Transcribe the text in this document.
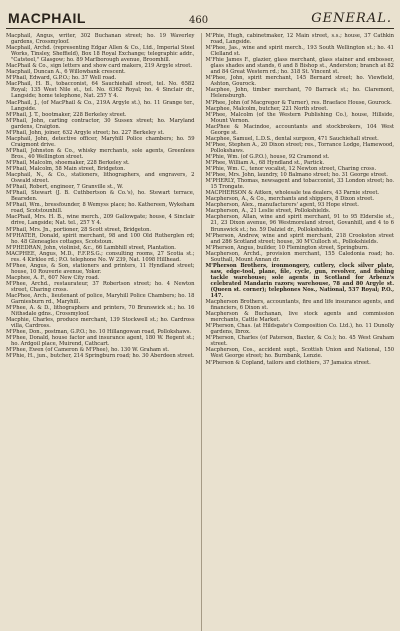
MACPHAIL	460	GENERAL.

Macphail, Angus, writer, 302 Buchanan street; ho. 19 Waverley gardens, Crossmyloof.

Macphail, Archd. (representing Edgar Allen & Co., Ltd., Imperial Steel Works, Tinsley, Sheffield), Box 18 Royal Exchange; telegraphic addr., "Catsteel," Glasgow; ho. 89 Marlborough avenue, Broomhill.

MacPhail & Co., sign letters and show card makers, 219 Argyle street.

Macphail, Duncan A., 6 Willowbank crescent.

M'Phail, Edward, G.P.O.; ho. 37 Well road.

MacPhail, H. B., tobacconist, 64 Sauchiehall street, tel. No. 6582 Royal; 135 West Nile st., tel. No. 6362 Royal; ho. 4 Sinclair dr., Langside; home telephone, Nat. 257 Y 4.

MacPhail, J., (of MacPhail & Co., 219A Argyle st.), ho. 11 Grange ter., Langside.

M'Phail, J. T., bootmaker, 228 Berkeley street.

M'Phail, John, carting contractor, 30 Sussex street; ho. Maryland gardens, Craigton.

M'Phail, John, joiner, 632 Argyle street; ho. 227 Berkeley st.

Macphail, John, detective officer, Maryhill Police chambers; ho. 59 Craigmont drive.

M'Phail, Johnston & Co., whisky merchants, sole agents, Greenlees Bros., 40 Wellington street.

M'Phail, Malcolm, shoemaker, 228 Berkeley st.

M'Phail, Malcolm, 58 Main street, Bridgeton.

Macphail, N., & Co., stationers, lithographers, and engravers, 2 Oswald street.

M'Phail, Robert, engineer, 7 Granville st., W.

M'Phail, Stewart (J. B. Cuthbertson & Co.'s), ho. Stewart terrace, Bearsden.

M'Phail, Wm., bressfounder, 8 Wemyss place; ho. Kathereen, Wykeham road, Scotstounhill.

MacPhail, Mrs. H. B., wine merch., 209 Gallowgate; house, 4 Sinclair drive, Langside; Nat. tel., 257 Y 4.

M'Phail, Mrs. Jn., portioner, 28 Scott street, Bridgeton.

M'PHATER, Donald, spirit merchant, 98 and 100 Old Rutherglen rd; ho. 48 Gleneagles cottages, Scotstoun.

M'PHEDRAN, John, violinist, &c., 66 Lambhill street, Plantation.

MACPHEE, Angus, M.D., F.F.P.S.G.; consulting rooms, 27 Scotia st.; res. 4 Kirklee rd.; P.O. telephone No. W 239, Nat. 1098 Hillhead.

M'Phee, Angus, & Son, stationers and printers, 11 Hyndland street; house, 10 Rouverie avenue, Yoker.

Macphee, A. F., 607 New City road.

M'Phee, Archd., restaurateur, 37 Robertson street; ho. 4 Newton street, Charing cross.

MacPhee, Arch., lieutenant of police, Maryhill Police Chambers; ho. 18 Garniesburn rd., Maryhill.

M'Phee, A. & D., lithographers and printers, 70 Brunswick st.; ho. 16 Nithsdale gdns., Crossmyloof.

Macphie, Charles, produce merchant, 139 Stockwell st.; ho. Cardross villa, Cardross.

M'Phee, Don., postman, G.P.O.; ho. 10 Hillangowan road, Pollokshaws.

M'Phee, Donald, house factor and insurance agent, 180 W. Regent st.; ho. Ardgoil place, Muirend, Cathcart.

M'Phee, Ewen (of Cameron & M'Phee), ho. 130 W. Graham st.

M'Phie, H., jun., butcher, 214 Springburn road; ho. 30 Aberdeen street.

M'Phie, Hugh, cabinetmaker, 12 Main street, s.s.; house, 37 Cathkin road, Langside.

M'Phee, Jas., wine and spirit merch., 193 South Wellington st.; ho. 41 Clelland st.

M'Fhie James F., glazier, glass merchant, glass stainer and embosser, glass shades and stands, 6 and 8 Bishop st., Anderston; branch at 82 and 84 Great Western rd.; ho. 318 St. Vincent st.

M'Phee, John, spirit merchant, 145 Bernard street; ho. Viewfield, Ashton, Gourock.

Macphee, John, timber merchant, 70 Barrack st.; ho. Claremont, Helensburgh.

M'Phee, John (of Macgregor & Turner), res. Braeface House, Gourock.

Macphee, Malcolm, butcher, 221 North street.

M'Phee, Malcolm (of the Western Publishing Co.), house, Hillside, Mount Vernon.

MacPhee & Macindoe, accountants and stockbrokers, 104 West George st.

Macphee, Samuel, L.D.S., dental surgeon, 471 Sauchiehall street.

M'Phee, Stephen A., 20 Dixon street; res., Torrance Lodge, Hamewood, Pollokshaws.

M'Phie, Wm. (of G.P.O.), house, 92 Cramond st.

M'Phee, William A., 68 Hyndland st., Partick.

M'Phie, Wm. C., tenor vocalist, 12 Newton street, Charing cross.

M'Phee, Mrs. John, laundry, 10 Balmano street; ho. 31 George street.

M'PHERLY, Thomas, newsagent and tobacconist, 33 London street; ho. 15 Trongate.

MACPHERSON & Aitken, wholesale tea dealers, 43 Parnie street.

Macpherson, A., & Co., merchants and shippers, 8 Dixon street.

Macpherson, Alex., manufacturers' agent, 93 Hope street.

Macpherson, A., 21 Leslie street, Pollokshields.

Macpherson, Allan, wine and spirit merchant, 91 to 95 Elderslie st., 21, 23 Dixon avenue, 96 Westmoreland street, Govanhill, and 4 to 6 Brunswick st.; ho. 59 Dalziel dr., Pollokshields.

M'Pherson, Andrew, wine and spirit merchant, 218 Crookston street and 286 Scotland street; house, 30 M'Culloch st., Pollokshields.

M'Pherson, Angus, builder, 10 Flemington street, Springburn.

Macpherson, Archd., provision merchant, 155 Caledonia road; ho. Southall, Mount Annan dr.

M'Pherson Brothers, ironmongery, cutlery, clock silver plate, saw, edge-tool, plane, file, cycle, gun, revolver, and fishing tackle warehouse; sole agents in Scotland for Arbenz's celebrated Mandarin razors; warehouse, 78 and 80 Argyle st. (Queen st. corner); telephones Nos., National, 537 Royal; P.O., 147.

Macpherson Brothers, accountants, fire and life insurance agents, and financiers, 6 Dixon st.

Macpherson & Buchanan, live stock agents and commission merchants, Cattle Market.

M'Pherson, Chas. (at Hildsgate's Composition Co. Ltd.), ho. 11 Dunolly gardens, Ibrox.

M'Pherson, Charles (of Paterson, Baxter, & Co.); ho. 45 West Graham street.

Macpherson, Cos., accident supt., Scottish Union and National, 150 West George street; ho. Burnbank, Lenzie.

M'Pherson & Copland, tailors and clothiers, 37 Jamaica street.
